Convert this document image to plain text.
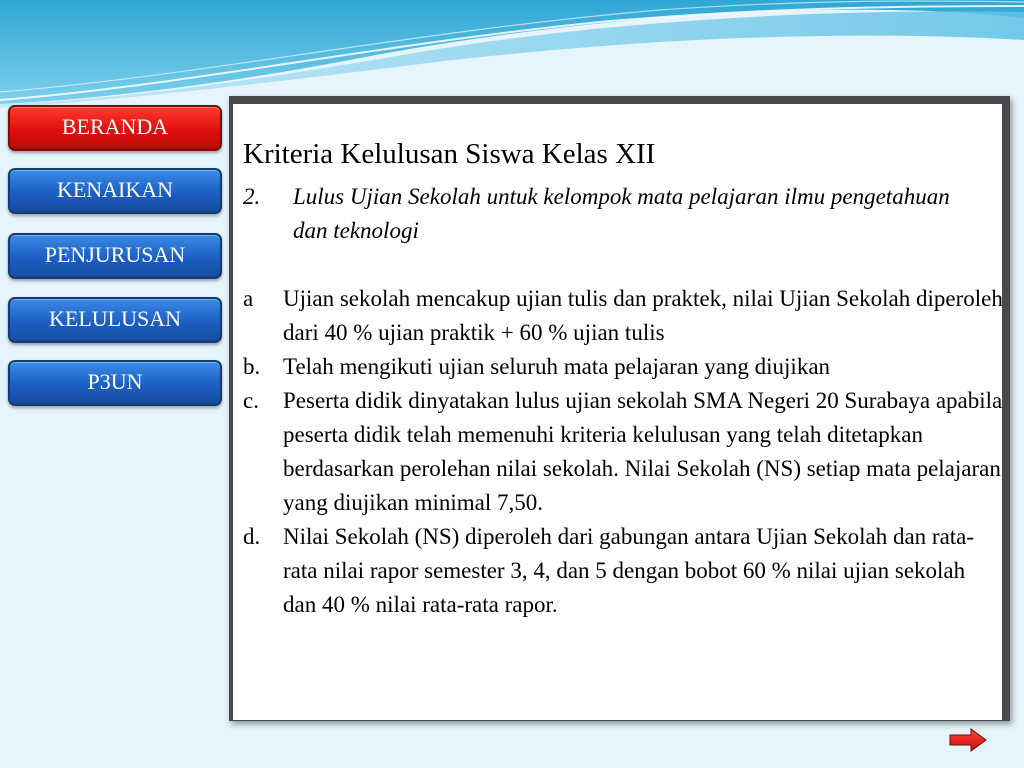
BERANDA
KENAIKAN
PENJURUSAN
KELULUSAN
P3UN
Kriteria Kelulusan Siswa Kelas XII
2. Lulus Ujian Sekolah untuk kelompok mata pelajaran ilmu pengetahuan dan teknologi
a Ujian sekolah mencakup ujian tulis dan praktek, nilai Ujian Sekolah diperoleh dari 40 % ujian praktik + 60 % ujian tulis
b. Telah mengikuti ujian seluruh mata pelajaran yang diujikan
c. Peserta didik dinyatakan lulus ujian sekolah SMA Negeri 20 Surabaya apabila peserta didik telah memenuhi kriteria kelulusan yang telah ditetapkan berdasarkan perolehan nilai sekolah. Nilai Sekolah (NS) setiap mata pelajaran yang diujikan minimal 7,50.
d. Nilai Sekolah (NS) diperoleh dari gabungan antara Ujian Sekolah dan rata-rata nilai rapor semester 3, 4, dan 5 dengan bobot 60 % nilai ujian sekolah dan 40 % nilai rata-rata rapor.
